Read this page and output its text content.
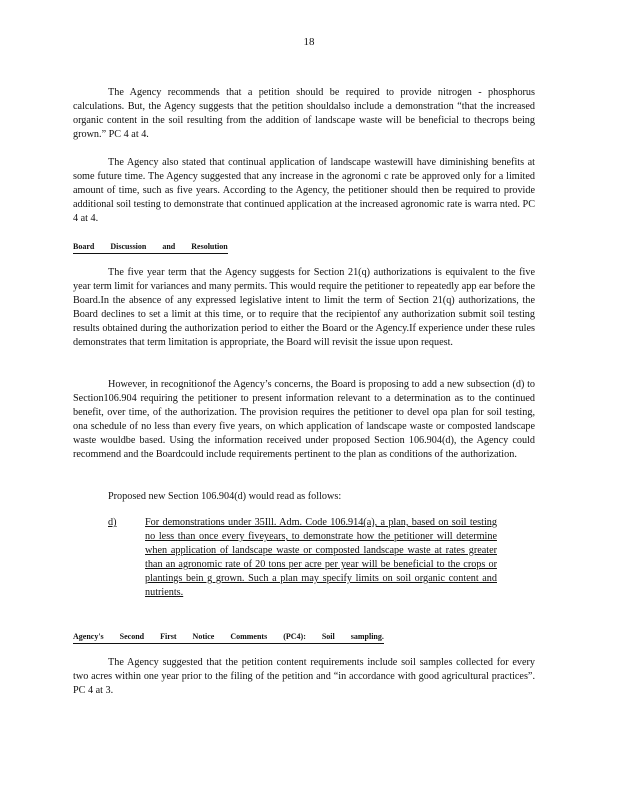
18

The Agency recommends that a petition should be required to provide nitrogen - phosphorus calculations. But, the Agency suggests that the petition shouldalso include a demonstration “that the increased organic content in the soil resulting from the addition of landscape waste will be beneficial to thecrops being grown.” PC 4 at 4.

The Agency also stated that continual application of landscape wastewill have diminishing benefits at some future time. The Agency suggested that any increase in the agronomi c rate be approved only for a limited amount of time, such as five years. According to the Agency, the petitioner should then be required to provide additional soil testing to demonstrate that continued application at the increased agronomic rate is warra nted. PC 4 at 4.

Board Discussion and Resolution

The five year term that the Agency suggests for Section 21(q) authorizations is equivalent to the five year term limit for variances and many permits. This would require the petitioner to repeatedly app ear before the Board.In the absence of any expressed legislative intent to limit the term of Section 21(q) authorizations, the Board declines to set a limit at this time, or to require that the recipientof any authorization submit soil testing results obtained during the authorization period to either the Board or the Agency.If experience under these rules demonstrates that term limitation is appropriate, the Board will revisit the issue upon request.

However, in recognitionof the Agency’s concerns, the Board is proposing to add a new subsection (d) to Section106.904 requiring the petitioner to present information relevant to a determination as to the continued benefit, over time, of the authorization. The provision requires the petitioner to devel opa plan for soil testing, ona schedule of no less than every five years, on which application of landscape waste or composted landscape waste wouldbe based. Using the information received under proposed Section 106.904(d), the Agency could recommend and the Boardcould include requirements pertinent to the plan as conditions of the authorization.

Proposed new Section 106.904(d) would read as follows:

d)	For demonstrations under 35Ill. Adm. Code 106.914(a), a plan, based on soil testing no less than once every fiveyears, to demonstrate how the petitioner will determine when application of landscape waste or composted landscape waste at rates greater than an agronomic rate of 20 tons per acre per year will be beneficial to the crops or plantings bein g grown. Such a plan may specify limits on soil organic content and nutrients.

Agency's Second First Notice Comments (PC4): Soil sampling.

The Agency suggested that the petition content requirements include soil samples collected for every two acres within one year prior to the filing of the petition and “in accordance with good agricultural practices”. PC 4 at 3.
